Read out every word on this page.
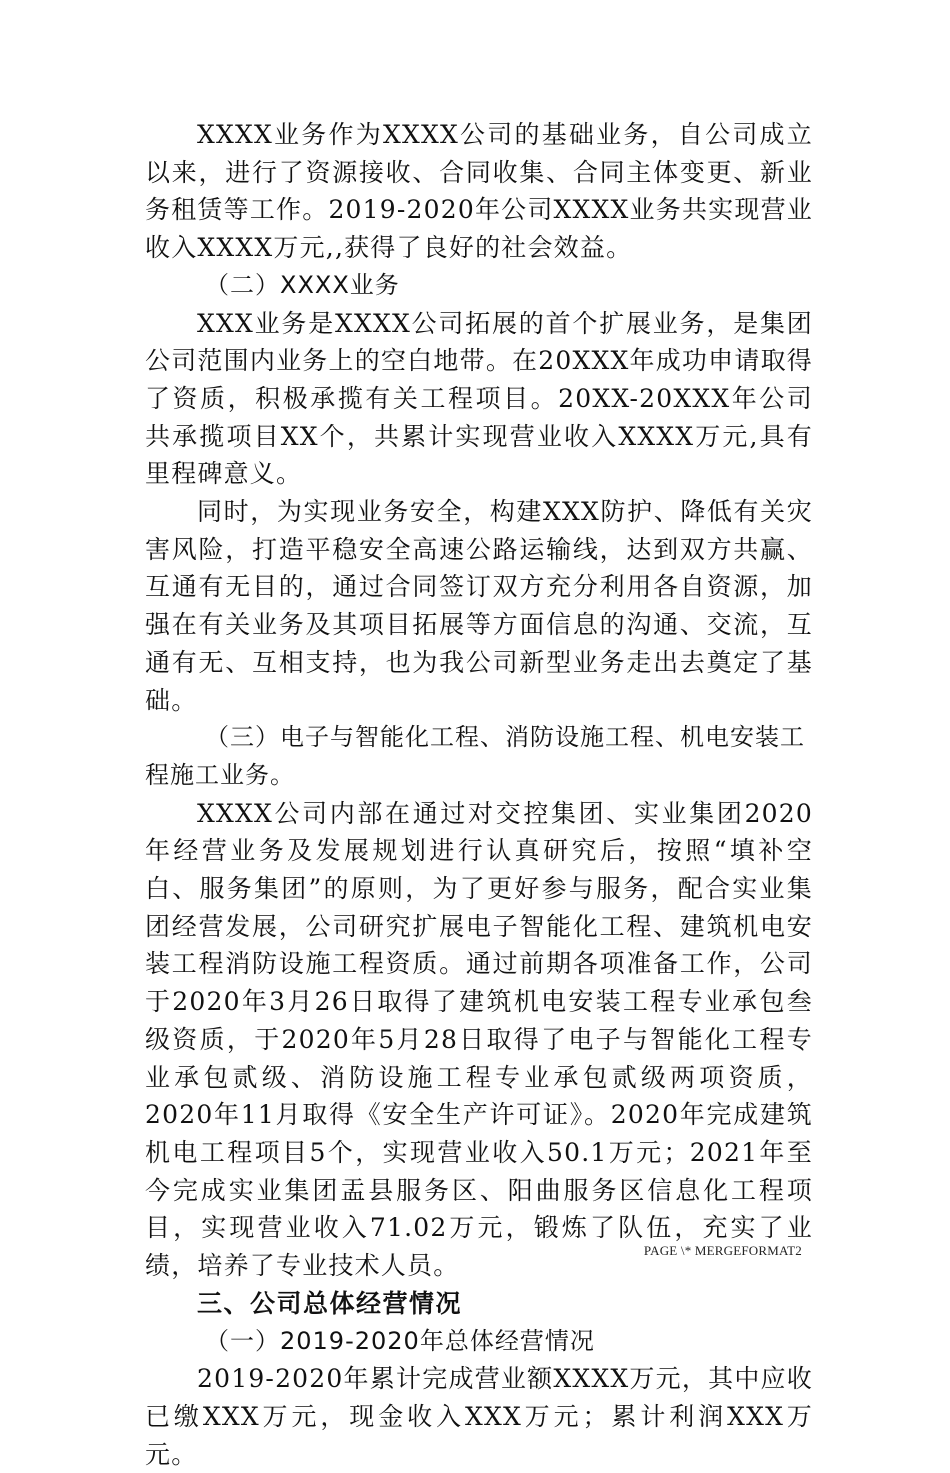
XXXX业务作为XXXX公司的基础业务，自公司成立以来，进行了资源接收、合同收集、合同主体变更、新业务租赁等工作。2019-2020年公司XXXX业务共实现营业收入XXXX万元,,获得了良好的社会效益。

（二）XXXX业务

XXX业务是XXXX公司拓展的首个扩展业务，是集团公司范围内业务上的空白地带。在20XXX年成功申请取得了资质，积极承揽有关工程项目。20XX-20XXX年公司共承揽项目XX个，共累计实现营业收入XXXX万元,具有里程碑意义。

同时，为实现业务安全，构建XXX防护、降低有关灾害风险，打造平稳安全高速公路运输线，达到双方共赢、互通有无目的，通过合同签订双方充分利用各自资源，加强在有关业务及其项目拓展等方面信息的沟通、交流，互通有无、互相支持，也为我公司新型业务走出去奠定了基础。

（三）电子与智能化工程、消防设施工程、机电安装工程施工业务。

XXXX公司内部在通过对交控集团、实业集团2020年经营业务及发展规划进行认真研究后，按照“填补空白、服务集团”的原则，为了更好参与服务，配合实业集团经营发展，公司研究扩展电子智能化工程、建筑机电安装工程消防设施工程资质。通过前期各项准备工作，公司于2020年3月26日取得了建筑机电安装工程专业承包叁级资质，于2020年5月28日取得了电子与智能化工程专业承包贰级、消防设施工程专业承包贰级两项资质，2020年11月取得《安全生产许可证》。2020年完成建筑机电工程项目5个，实现营业收入50.1万元；2021年至今完成实业集团盂县服务区、阳曲服务区信息化工程项目，实现营业收入71.02万元，锻炼了队伍，充实了业绩，培养了专业技术人员。

三、公司总体经营情况

（一）2019-2020年总体经营情况

2019-2020年累计完成营业额XXXX万元，其中应收已缴XXX万元，现金收入XXX万元；累计利润XXX万元。

PAGE \* MERGEFORMAT2
